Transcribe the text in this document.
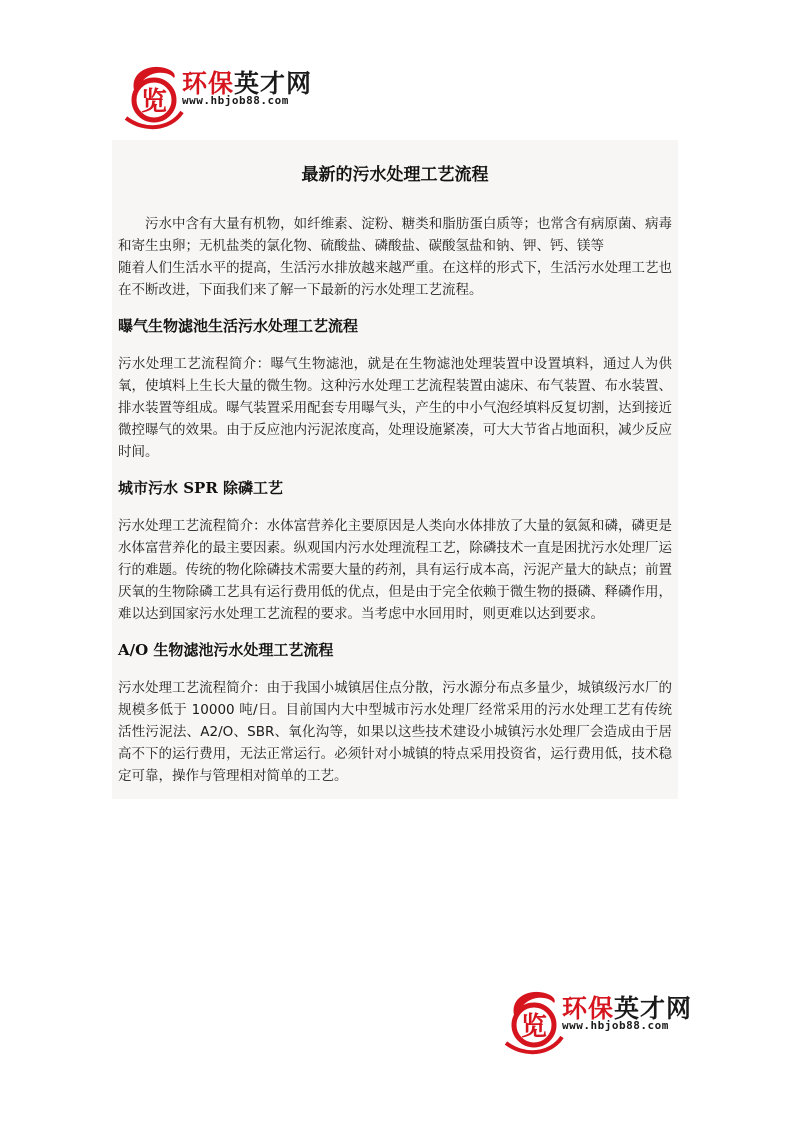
览
环保英才网
www.hbjob88.com
最新的污水处理工艺流程

污水中含有大量有机物，如纤维素、淀粉、糖类和脂肪蛋白质等；也常含有病原菌、病毒和寄生虫卵；无机盐类的氯化物、硫酸盐、磷酸盐、碳酸氢盐和钠、钾、钙、镁等

随着人们生活水平的提高，生活污水排放越来越严重。在这样的形式下，生活污水处理工艺也在不断改进，下面我们来了解一下最新的污水处理工艺流程。

曝气生物滤池生活污水处理工艺流程

污水处理工艺流程简介：曝气生物滤池，就是在生物滤池处理装置中设置填料，通过人为供氧，使填料上生长大量的微生物。这种污水处理工艺流程装置由滤床、布气装置、布水装置、排水装置等组成。曝气装置采用配套专用曝气头，产生的中小气泡经填料反复切割，达到接近微控曝气的效果。由于反应池内污泥浓度高，处理设施紧凑，可大大节省占地面积，减少反应时间。

城市污水 SPR 除磷工艺

污水处理工艺流程简介：水体富营养化主要原因是人类向水体排放了大量的氨氮和磷，磷更是水体富营养化的最主要因素。纵观国内污水处理流程工艺，除磷技术一直是困扰污水处理厂运行的难题。传统的物化除磷技术需要大量的药剂，具有运行成本高，污泥产量大的缺点；前置厌氧的生物除磷工艺具有运行费用低的优点，但是由于完全依赖于微生物的摄磷、释磷作用，难以达到国家污水处理工艺流程的要求。当考虑中水回用时，则更难以达到要求。

A/O 生物滤池污水处理工艺流程

污水处理工艺流程简介：由于我国小城镇居住点分散，污水源分布点多量少，城镇级污水厂的规模多低于 10000 吨/日。目前国内大中型城市污水处理厂经常采用的污水处理工艺有传统活性污泥法、A2/O、SBR、氧化沟等，如果以这些技术建设小城镇污水处理厂会造成由于居高不下的运行费用，无法正常运行。必须针对小城镇的特点采用投资省，运行费用低，技术稳定可靠，操作与管理相对简单的工艺。

览
环保英才网
www.hbjob88.com
